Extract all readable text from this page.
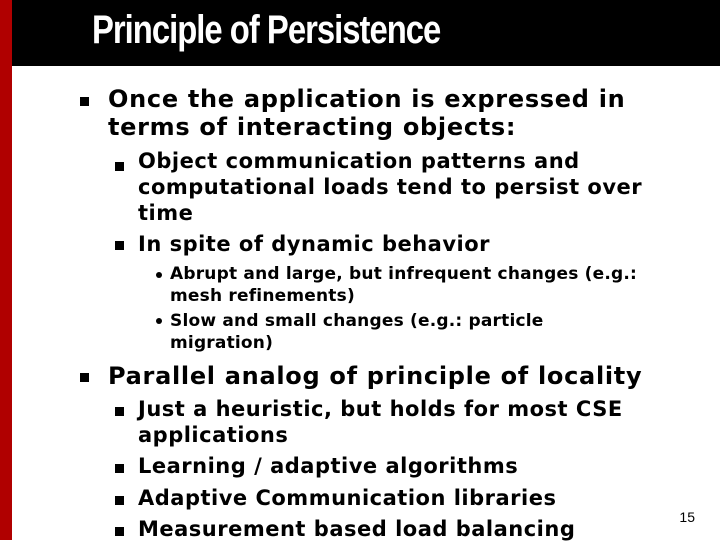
Principle of Persistence
Once the application is expressed in
terms of interacting objects:
Object communication patterns and
computational loads tend to persist over
time
In spite of dynamic behavior
Abrupt and large, but infrequent changes (e.g.:
mesh refinements)
Slow and small changes (e.g.: particle
migration)
Parallel analog of principle of locality
Just a heuristic, but holds for most CSE
applications
Learning / adaptive algorithms
Adaptive Communication libraries
Measurement based load balancing	15
